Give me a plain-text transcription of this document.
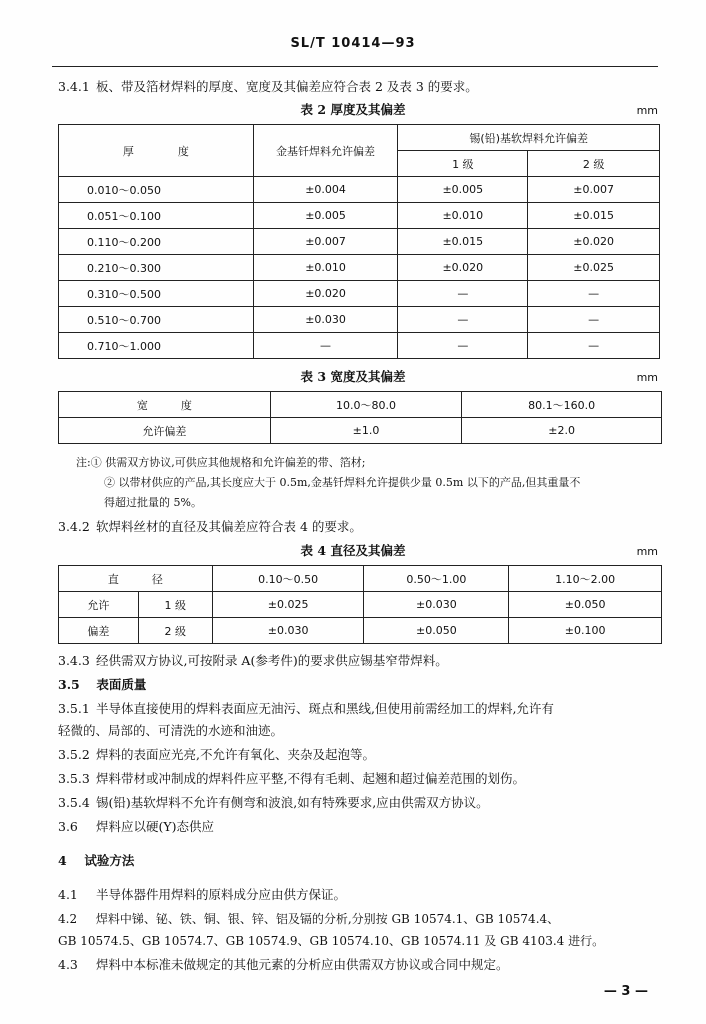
SL/T 10414—93
3.4.1 板、带及箔材焊料的厚度、宽度及其偏差应符合表 2 及表 3 的要求。
表 2 厚度及其偏差	mm
厚　　　　度	金基钎焊料允许偏差	锡(铅)基软焊料允许偏差	
		1 级	2 级
0.010～0.050	±0.004	±0.005	±0.007
0.051～0.100	±0.005	±0.010	±0.015
0.110～0.200	±0.007	±0.015	±0.020
0.210～0.300	±0.010	±0.020	±0.025
0.310～0.500	±0.020	—	—
0.510～0.700	±0.030	—	—
0.710～1.000	—	—	—
表 3 宽度及其偏差	mm
宽　　　度	10.0～80.0	80.1～160.0
允许偏差	±1.0	±2.0
注:① 供需双方协议,可供应其他规格和允许偏差的带、箔材;
② 以带材供应的产品,其长度应大于 0.5m,金基钎焊料允许提供少量 0.5m 以下的产品,但其重量不
得超过批量的 5%。
3.4.2 软焊料丝材的直径及其偏差应符合表 4 的要求。
表 4 直径及其偏差	mm
直　　　径		0.10～0.50	0.50～1.00	1.10～2.00
允许	1 级	±0.025	±0.030	±0.050
偏差	2 级	±0.030	±0.050	±0.100
3.4.3 经供需双方协议,可按附录 A(参考件)的要求供应锡基窄带焊料。
3.5 表面质量
3.5.1 半导体直接使用的焊料表面应无油污、斑点和黑线,但使用前需经加工的焊料,允许有
轻微的、局部的、可清洗的水迹和油迹。
3.5.2 焊料的表面应光亮,不允许有氧化、夹杂及起泡等。
3.5.3 焊料带材或冲制成的焊料件应平整,不得有毛刺、起翘和超过偏差范围的划伤。
3.5.4 锡(铅)基软焊料不允许有侧弯和波浪,如有特殊要求,应由供需双方协议。
3.6 焊料应以硬(Y)态供应
4 试验方法
4.1 半导体器件用焊料的原料成分应由供方保证。
4.2 焊料中锑、铋、铁、铜、银、锌、铝及镉的分析,分别按 GB 10574.1、GB 10574.4、
GB 10574.5、GB 10574.7、GB 10574.9、GB 10574.10、GB 10574.11 及 GB 4103.4 进行。
4.3 焊料中本标准未做规定的其他元素的分析应由供需双方协议或合同中规定。
— 3 —
